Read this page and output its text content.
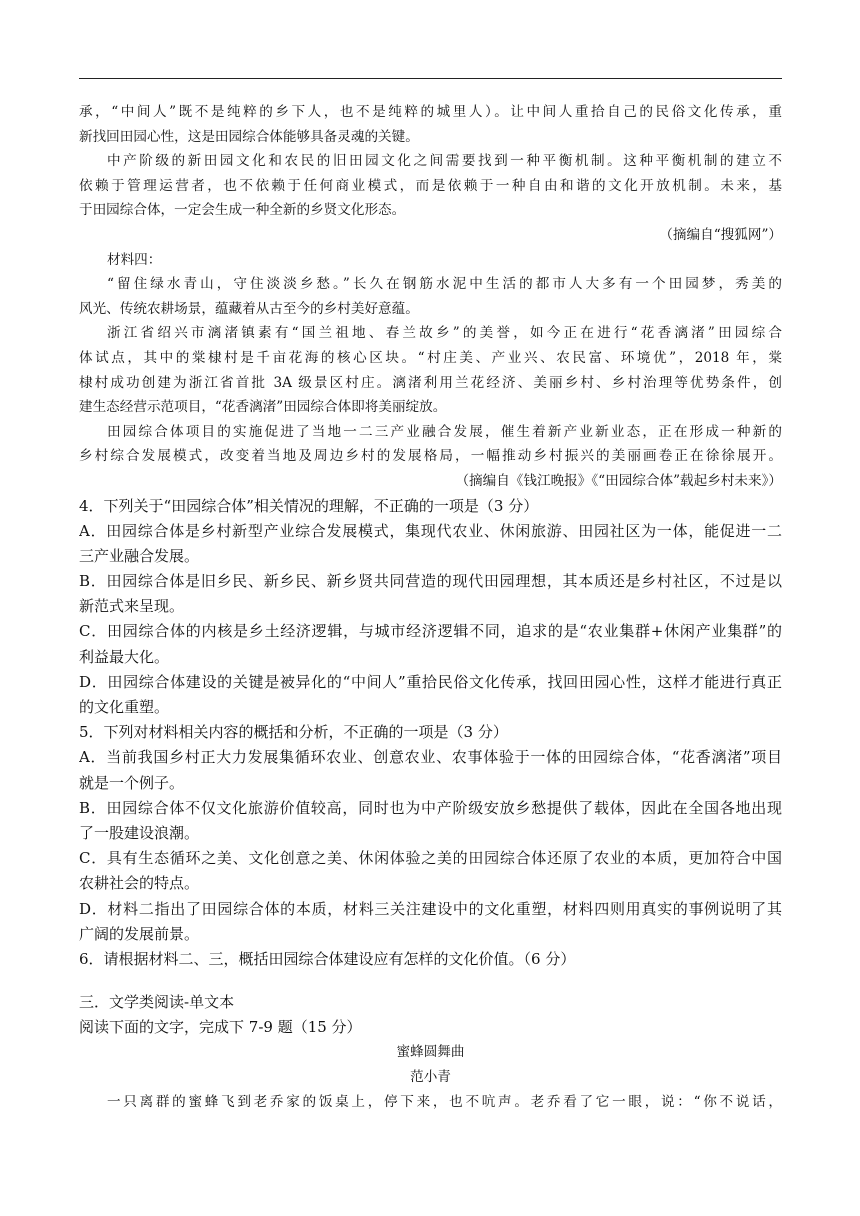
承，“中间人”既不是纯粹的乡下人，也不是纯粹的城里人）。让中间人重拾自己的民俗文化传承，重
新找回田园心性，这是田园综合体能够具备灵魂的关键。
中产阶级的新田园文化和农民的旧田园文化之间需要找到一种平衡机制。这种平衡机制的建立不
依赖于管理运营者，也不依赖于任何商业模式，而是依赖于一种自由和谐的文化开放机制。未来，基
于田园综合体，一定会生成一种全新的乡贤文化形态。
（摘编自“搜狐网”）
材料四：
“留住绿水青山，守住淡淡乡愁。”长久在钢筋水泥中生活的都市人大多有一个田园梦，秀美的
风光、传统农耕场景，蕴藏着从古至今的乡村美好意蕴。
浙江省绍兴市漓渚镇素有“国兰祖地、春兰故乡”的美誉，如今正在进行“花香漓渚”田园综合
体试点，其中的棠棣村是千亩花海的核心区块。“村庄美、产业兴、农民富、环境优”，2018 年，棠
棣村成功创建为浙江省首批 3A 级景区村庄。漓渚利用兰花经济、美丽乡村、乡村治理等优势条件，创
建生态经营示范项目，“花香漓渚”田园综合体即将美丽绽放。
田园综合体项目的实施促进了当地一二三产业融合发展，催生着新产业新业态，正在形成一种新的
乡村综合发展模式，改变着当地及周边乡村的发展格局，一幅推动乡村振兴的美丽画卷正在徐徐展开。
（摘编自《钱江晚报》《“田园综合体”载起乡村未来》）
4．下列关于“田园综合体”相关情况的理解，不正确的一项是（3 分）
A．田园综合体是乡村新型产业综合发展模式，集现代农业、休闲旅游、田园社区为一体，能促进一二
三产业融合发展。
B．田园综合体是旧乡民、新乡民、新乡贤共同营造的现代田园理想，其本质还是乡村社区，不过是以
新范式来呈现。
C．田园综合体的内核是乡土经济逻辑，与城市经济逻辑不同，追求的是“农业集群+休闲产业集群”的
利益最大化。
D．田园综合体建设的关键是被异化的“中间人”重拾民俗文化传承，找回田园心性，这样才能进行真正
的文化重塑。
5．下列对材料相关内容的概括和分析，不正确的一项是（3 分）
A．当前我国乡村正大力发展集循环农业、创意农业、农事体验于一体的田园综合体，“花香漓渚”项目
就是一个例子。
B．田园综合体不仅文化旅游价值较高，同时也为中产阶级安放乡愁提供了载体，因此在全国各地出现
了一股建设浪潮。
C．具有生态循环之美、文化创意之美、休闲体验之美的田园综合体还原了农业的本质，更加符合中国
农耕社会的特点。
D．材料二指出了田园综合体的本质，材料三关注建设中的文化重塑，材料四则用真实的事例说明了其
广阔的发展前景。
6．请根据材料二、三，概括田园综合体建设应有怎样的文化价值。（6 分）
三．文学类阅读-单文本
阅读下面的文字，完成下 7-9 题（15 分）
蜜蜂圆舞曲
范小青
一只离群的蜜蜂飞到老乔家的饭桌上，停下来，也不吭声。老乔看了它一眼，说：“你不说话，
